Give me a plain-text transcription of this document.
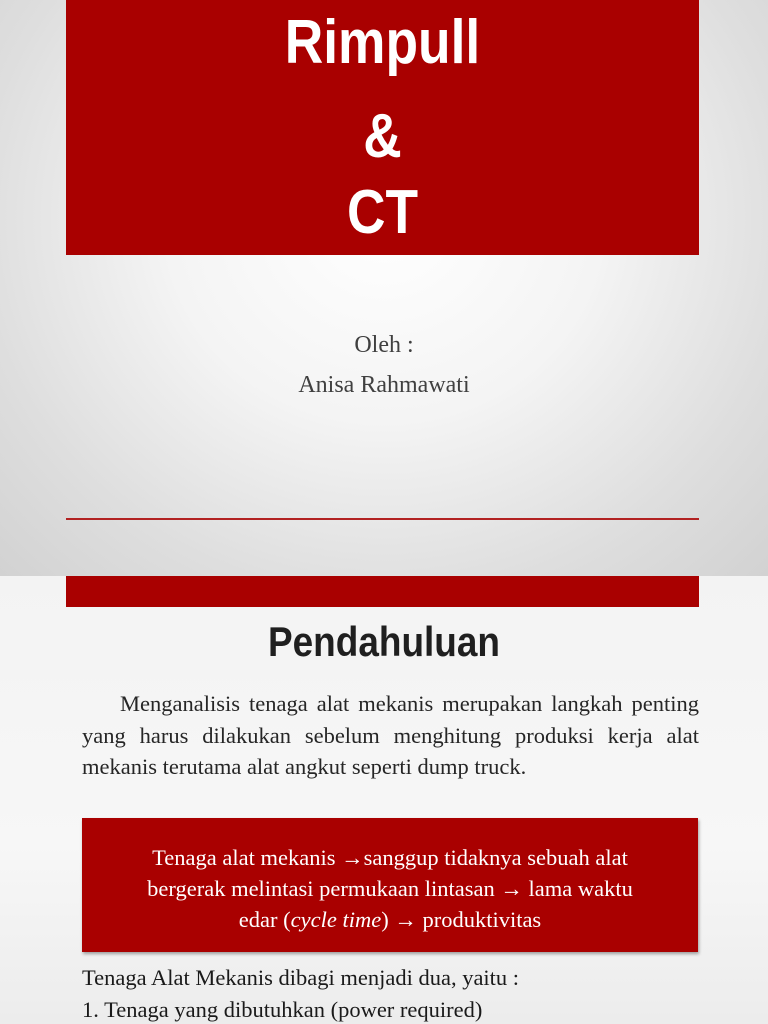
Rimpull
&
CT
Oleh :
Anisa Rahmawati
Pendahuluan

Menganalisis tenaga alat mekanis merupakan langkah penting yang harus dilakukan sebelum menghitung produksi kerja alat mekanis terutama alat angkut seperti dump truck.

Tenaga alat mekanis →sanggup tidaknya sebuah alat
bergerak melintasi permukaan lintasan → lama waktu
edar (cycle time) → produktivitas
Tenaga Alat Mekanis dibagi menjadi dua, yaitu :
1. Tenaga yang dibutuhkan (power required)
